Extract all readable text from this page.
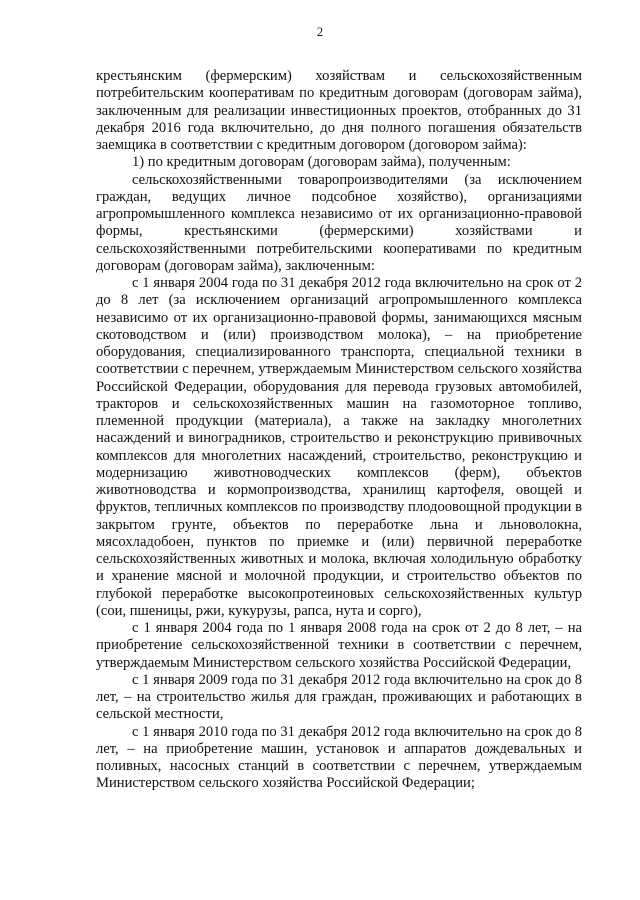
2

крестьянским (фермерским) хозяйствам и сельскохозяйственным потребительским кооперативам по кредитным договорам (договорам займа), заключенным для реализации инвестиционных проектов, отобранных до 31 декабря 2016 года включительно, до дня полного погашения обязательств заемщика в соответствии с кредитным договором (договором займа):

1) по кредитным договорам (договорам займа), полученным:

сельскохозяйственными товаропроизводителями (за исключением граждан, ведущих личное подсобное хозяйство), организациями агропромышленного комплекса независимо от их организационно-правовой формы, крестьянскими (фермерскими) хозяйствами и сельскохозяйственными потребительскими кооперативами по кредитным договорам (договорам займа), заключенным:

с 1 января 2004 года по 31 декабря 2012 года включительно на срок от 2 до 8 лет (за исключением организаций агропромышленного комплекса независимо от их организационно-правовой формы, занимающихся мясным скотоводством и (или) производством молока), – на приобретение оборудования, специализированного транспорта, специальной техники в соответствии с перечнем, утверждаемым Министерством сельского хозяйства Российской Федерации, оборудования для перевода грузовых автомобилей, тракторов и сельскохозяйственных машин на газомоторное топливо, племенной продукции (материала), а также на закладку многолетних насаждений и виноградников, строительство и реконструкцию прививочных комплексов для многолетних насаждений, строительство, реконструкцию и модернизацию животноводческих комплексов (ферм), объектов животноводства и кормопроизводства, хранилищ картофеля, овощей и фруктов, тепличных комплексов по производству плодоовощной продукции в закрытом грунте, объектов по переработке льна и льноволокна, мясохладобоен, пунктов по приемке и (или) первичной переработке сельскохозяйственных животных и молока, включая холодильную обработку и хранение мясной и молочной продукции, и строительство объектов по глубокой переработке высокопротеиновых сельскохозяйственных культур (сои, пшеницы, ржи, кукурузы, рапса, нута и сорго),

с 1 января 2004 года по 1 января 2008 года на срок от 2 до 8 лет, – на приобретение сельскохозяйственной техники в соответствии с перечнем, утверждаемым Министерством сельского хозяйства Российской Федерации,

с 1 января 2009 года по 31 декабря 2012 года включительно на срок до 8 лет, – на строительство жилья для граждан, проживающих и работающих в сельской местности,

с 1 января 2010 года по 31 декабря 2012 года включительно на срок до 8 лет, – на приобретение машин, установок и аппаратов дождевальных и поливных, насосных станций в соответствии с перечнем, утверждаемым Министерством сельского хозяйства Российской Федерации;
